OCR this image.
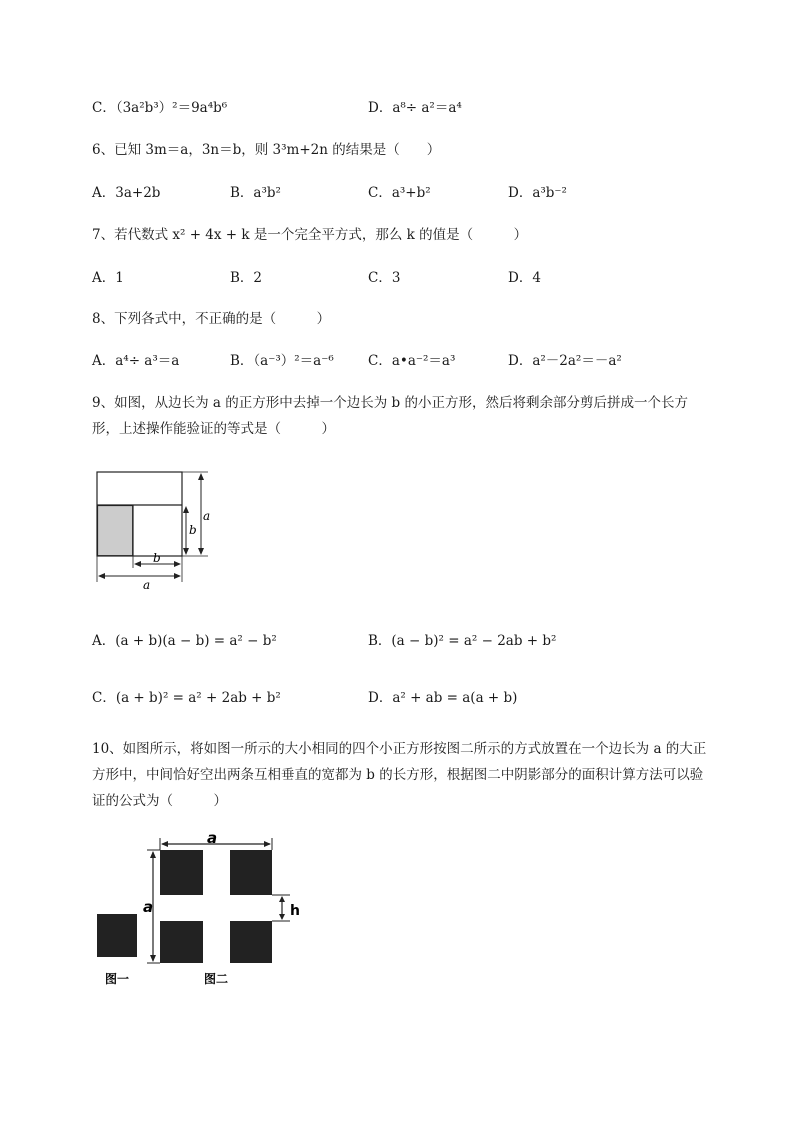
C．（3a²b³）²＝9a⁴b⁶	D．a⁸÷ a²＝a⁴
6、已知 3m＝a，3n＝b，则 3³m+2n 的结果是（　　）
A．3a+2b	B．a³b²	C．a³+b²	D．a³b⁻²
7、若代数式 x² + 4x + k 是一个完全平方式，那么 k 的值是（　　　）
A．1	B．2	C．3	D．4
8、下列各式中，不正确的是（　　　）
A．a⁴÷ a³＝a	B．（a⁻³）²＝a⁻⁶	C．a•a⁻²＝a³	D．a²－2a²＝－a²
9、如图，从边长为 a 的正方形中去掉一个边长为 b 的小正方形，然后将剩余部分剪后拼成一个长方形，上述操作能验证的等式是（　　　）
a
b
b
a
A．(a + b)(a − b) = a² − b²	B．(a − b)² = a² − 2ab + b²
C．(a + b)² = a² + 2ab + b²	D．a² + ab = a(a + b)
10、如图所示，将如图一所示的大小相同的四个小正方形按图二所示的方式放置在一个边长为 a 的大正方形中，中间恰好空出两条互相垂直的宽都为 b 的长方形，根据图二中阴影部分的面积计算方法可以验证的公式为（　　　）
a
a	h
图一	图二
